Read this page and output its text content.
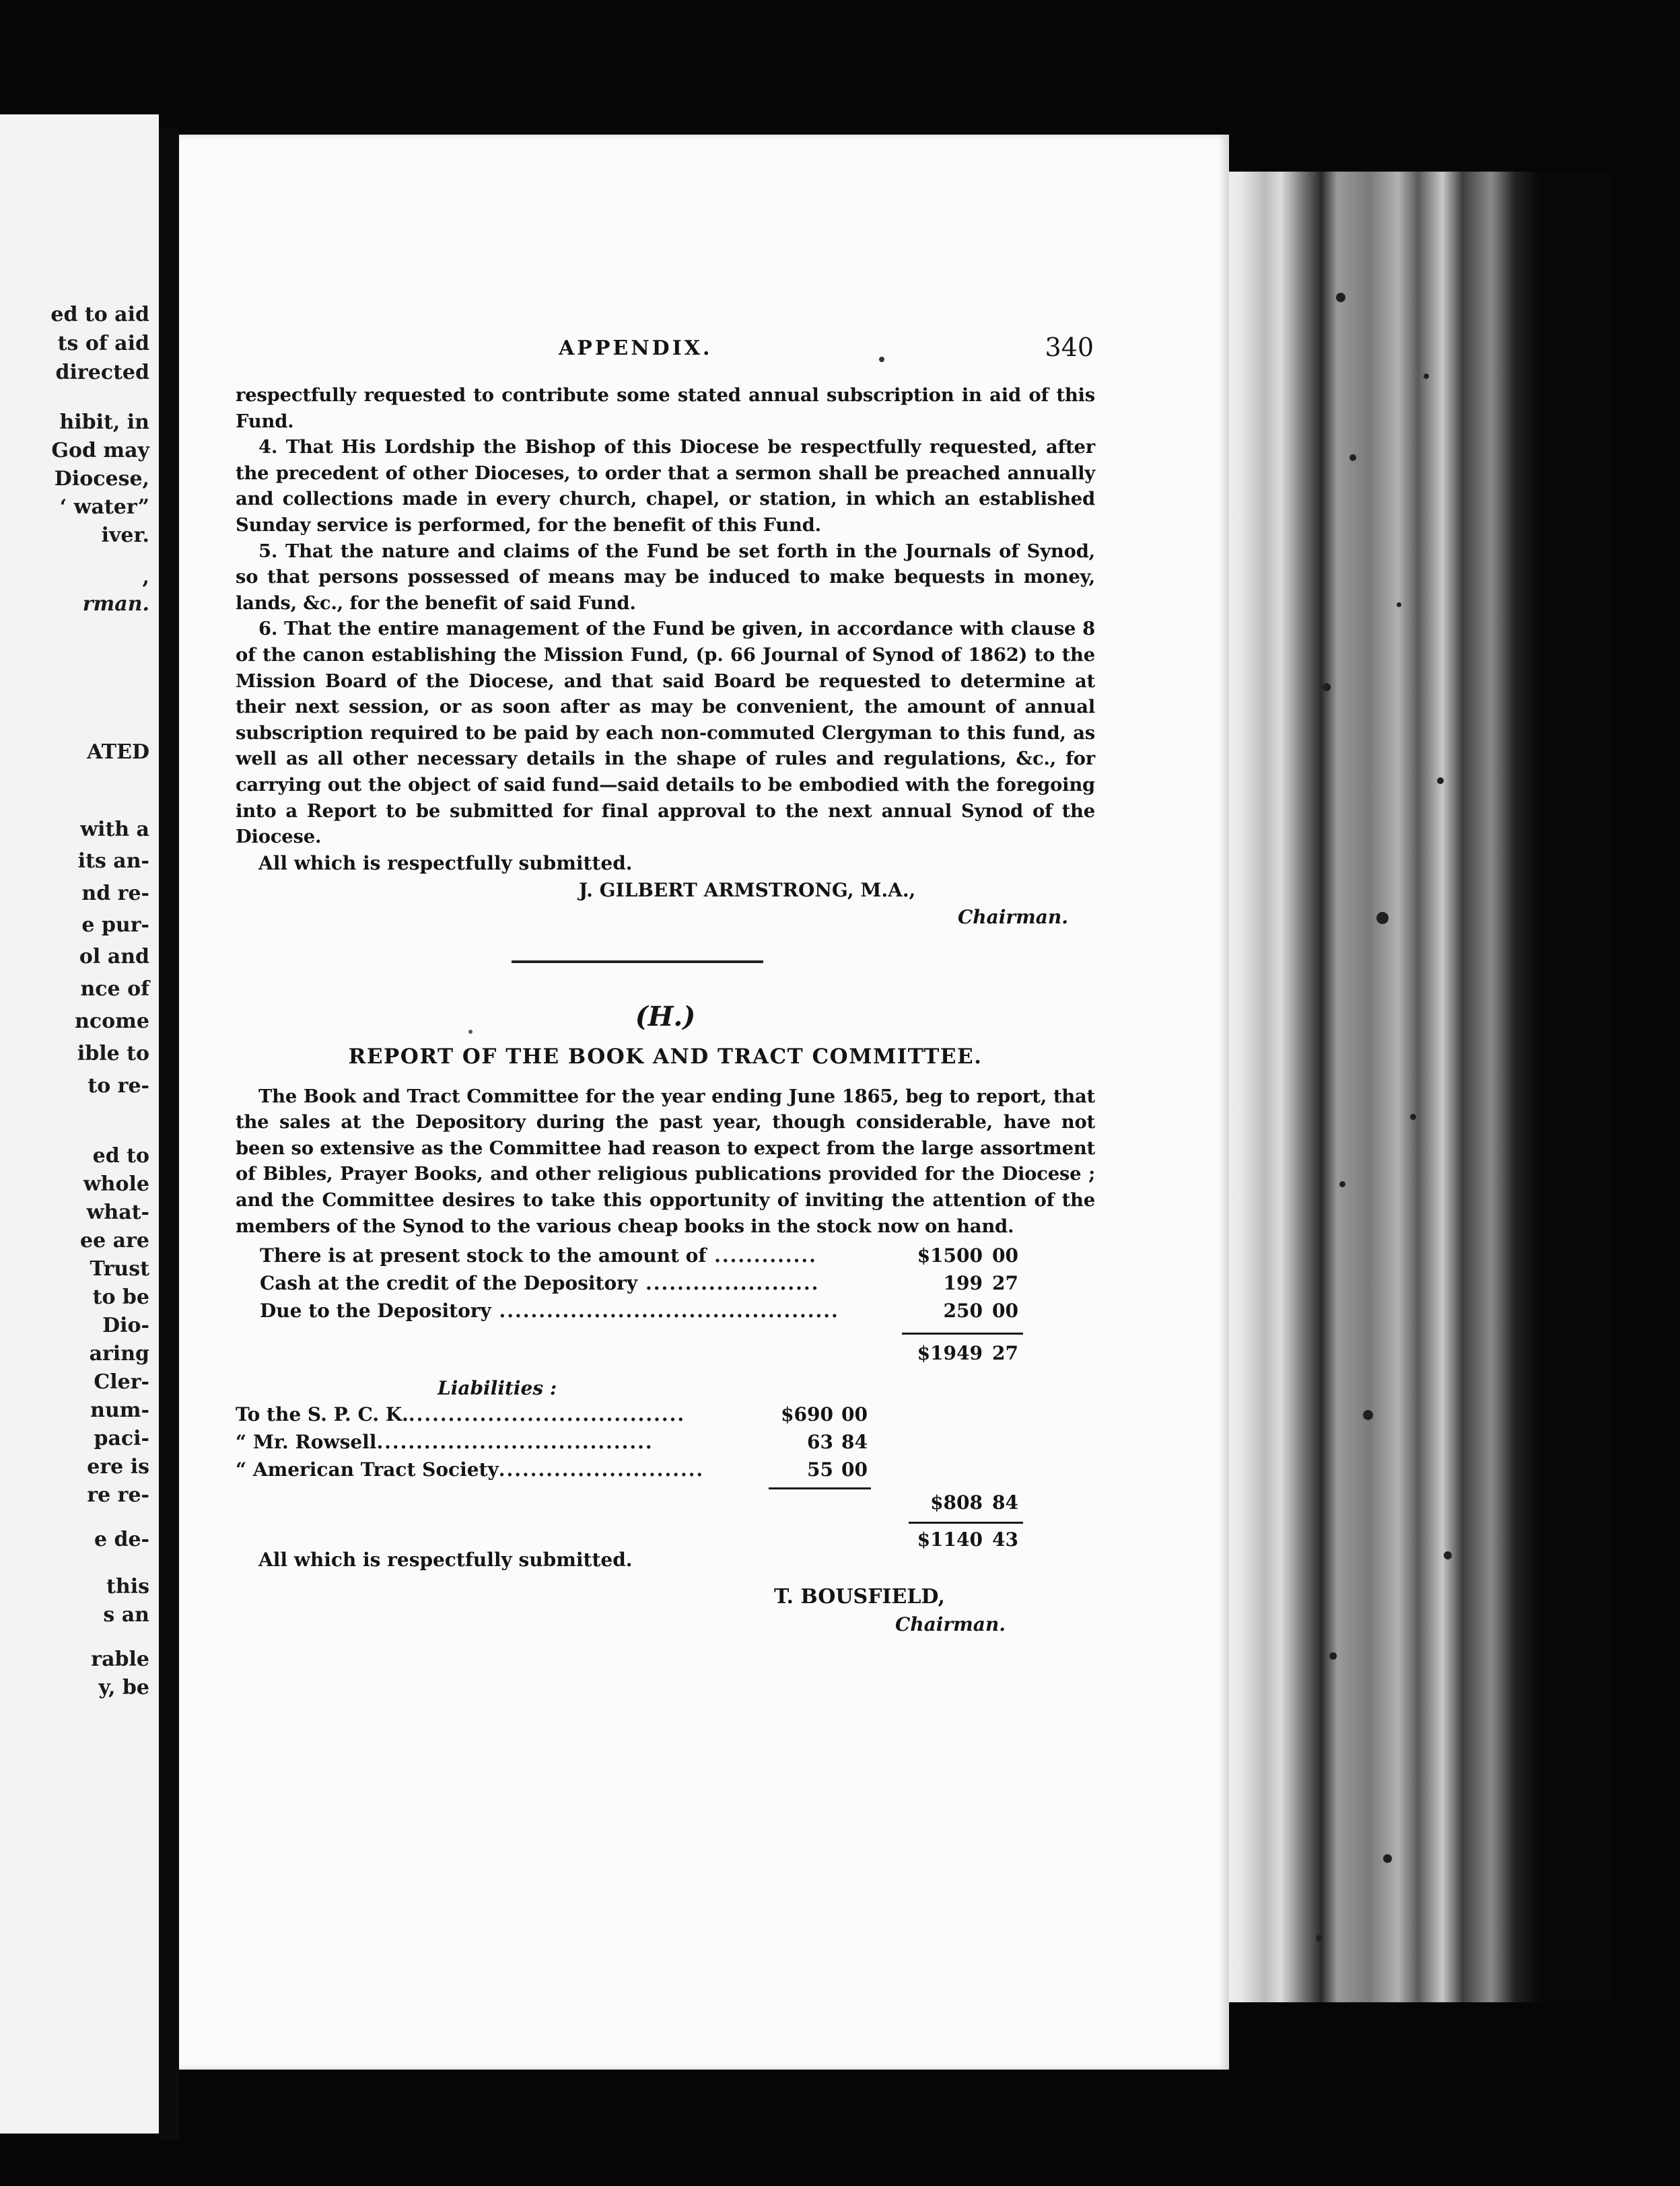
ed to aid
ts of aid
directed
hibit, in
God may
Diocese,
‘ water”
iver.
,
rman.
ATED
with a
its an-
nd re-
e pur-
ol and
nce of
ncome
ible to
to re-
ed to
whole
what-
ee are
Trust
to be
Dio-
aring
Cler-
num-
paci-
ere is
re re-
e de-
this
s an
rable
y, be
APPENDIX.	340

respectfully requested to contribute some stated annual subscription in aid of this Fund.

4. That His Lordship the Bishop of this Diocese be respectfully requested, after the precedent of other Dioceses, to order that a sermon shall be preached annually and collections made in every church, chapel, or station, in which an established Sunday service is performed, for the benefit of this Fund.

5. That the nature and claims of the Fund be set forth in the Journals of Synod, so that persons possessed of means may be induced to make bequests in money, lands, &c., for the benefit of said Fund.

6. That the entire management of the Fund be given, in accordance with clause 8 of the canon establishing the Mission Fund, (p. 66 Journal of Synod of 1862) to the Mission Board of the Diocese, and that said Board be requested to determine at their next session, or as soon after as may be convenient, the amount of annual subscription required to be paid by each non-commuted Clergyman to this fund, as well as all other necessary details in the shape of rules and regulations, &c., for carrying out the object of said fund—said details to be embodied with the foregoing into a Report to be submitted for final approval to the next annual Synod of the Diocese.

All which is respectfully submitted.
J. GILBERT ARMSTRONG, M.A.,
Chairman.
(H.)
REPORT OF THE BOOK AND TRACT COMMITTEE.

The Book and Tract Committee for the year ending June 1865, beg to report, that the sales at the Depository during the past year, though considerable, have not been so extensive as the Committee had reason to expect from the large assortment of Bibles, Prayer Books, and other religious publications provided for the Diocese ; and the Committee desires to take this opportunity of inviting the attention of the members of the Synod to the various cheap books in the stock now on hand.

There is at present stock to the amount of .............	$1500 00
Cash at the credit of the Depository ......................	199 27
Due to the Depository ...........................................	250 00
$1949 27
Liabilities :
To the S. P. C. K....................................	$690 00
“ Mr. Rowsell...................................	63 84
“ American Tract Society..........................	55 00
$808 84
$1140 43
All which is respectfully submitted.
T. BOUSFIELD,
Chairman.
